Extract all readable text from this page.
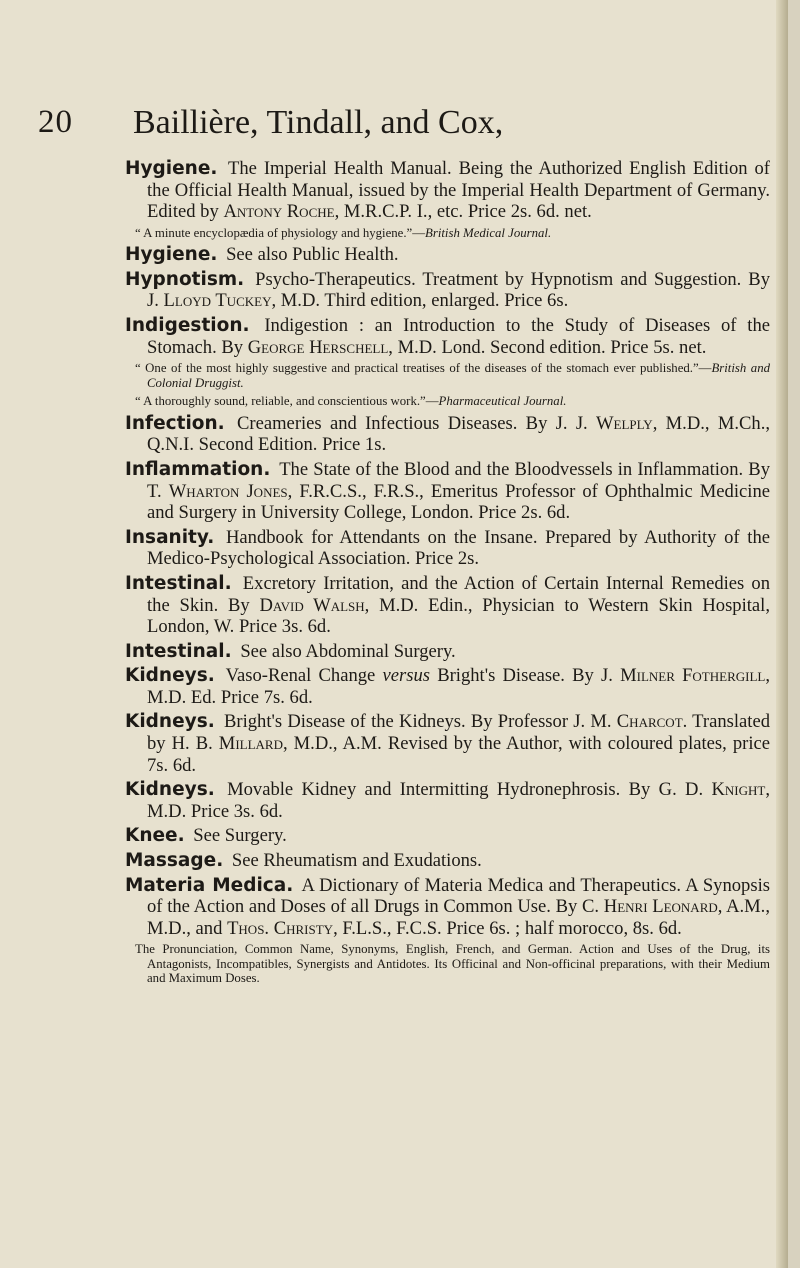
20 Baillière, Tindall, and Cox,

Hygiene. The Imperial Health Manual. Being the Authorized English Edition of the Official Health Manual, issued by the Imperial Health Department of Germany. Edited by Antony Roche, M.R.C.P. I., etc. Price 2s. 6d. net.

“ A minute encyclopædia of physiology and hygiene.”—British Medical Journal.

Hygiene. See also Public Health.

Hypnotism. Psycho-Therapeutics. Treatment by Hypnotism and Suggestion. By J. Lloyd Tuckey, M.D. Third edition, enlarged. Price 6s.

Indigestion. Indigestion : an Introduction to the Study of Diseases of the Stomach. By George Herschell, M.D. Lond. Second edition. Price 5s. net.

“ One of the most highly suggestive and practical treatises of the diseases of the stomach ever published.”—British and Colonial Druggist.

“ A thoroughly sound, reliable, and conscientious work.”—Pharmaceutical Journal.

Infection. Creameries and Infectious Diseases. By J. J. Welply, M.D., M.Ch., Q.N.I. Second Edition. Price 1s.

Inflammation. The State of the Blood and the Bloodvessels in Inflammation. By T. Wharton Jones, F.R.C.S., F.R.S., Emeritus Professor of Ophthalmic Medicine and Surgery in University College, London. Price 2s. 6d.

Insanity. Handbook for Attendants on the Insane. Prepared by Authority of the Medico-Psychological Association. Price 2s.

Intestinal. Excretory Irritation, and the Action of Certain Internal Remedies on the Skin. By David Walsh, M.D. Edin., Physician to Western Skin Hospital, London, W. Price 3s. 6d.

Intestinal. See also Abdominal Surgery.

Kidneys. Vaso-Renal Change versus Bright's Disease. By J. Milner Fothergill, M.D. Ed. Price 7s. 6d.

Kidneys. Bright's Disease of the Kidneys. By Professor J. M. Charcot. Translated by H. B. Millard, M.D., A.M. Revised by the Author, with coloured plates, price 7s. 6d.

Kidneys. Movable Kidney and Intermitting Hydronephrosis. By G. D. Knight, M.D. Price 3s. 6d.

Knee. See Surgery.

Massage. See Rheumatism and Exudations.

Materia Medica. A Dictionary of Materia Medica and Therapeutics. A Synopsis of the Action and Doses of all Drugs in Common Use. By C. Henri Leonard, A.M., M.D., and Thos. Christy, F.L.S., F.C.S. Price 6s. ; half morocco, 8s. 6d.

The Pronunciation, Common Name, Synonyms, English, French, and German. Action and Uses of the Drug, its Antagonists, Incompatibles, Synergists and Antidotes. Its Officinal and Non-officinal preparations, with their Medium and Maximum Doses.
